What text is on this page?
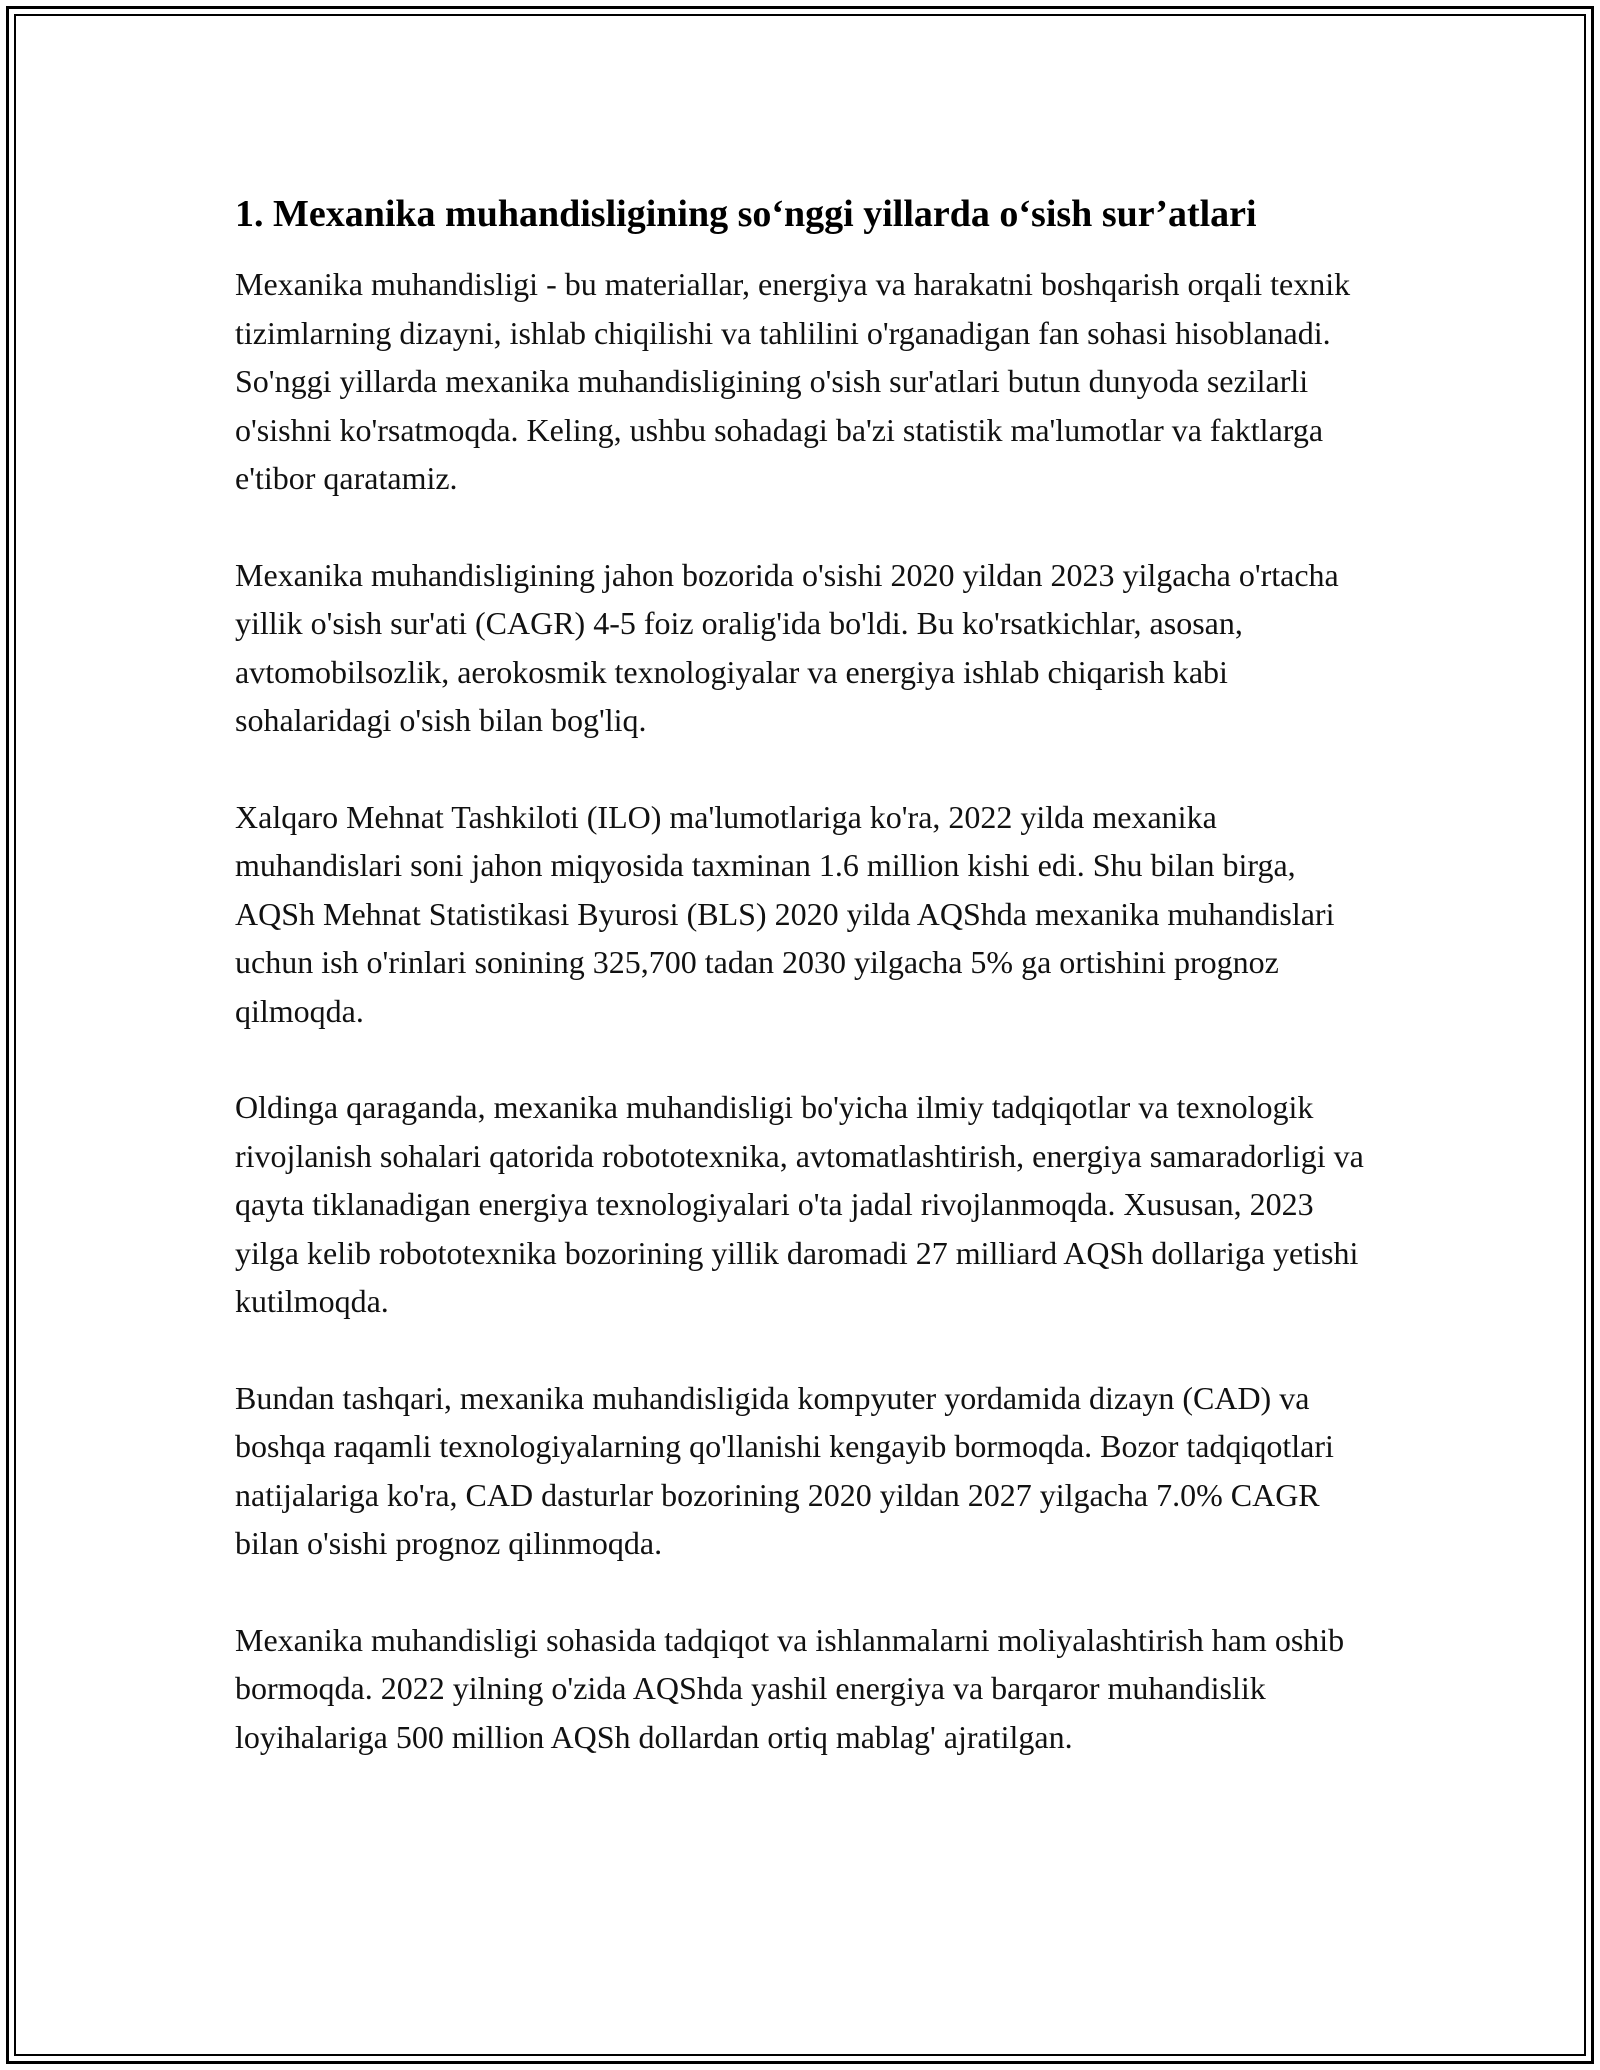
1. Mexanika muhandisligining so‘nggi yillarda o‘sish sur’atlari

Mexanika muhandisligi - bu materiallar, energiya va harakatni boshqarish orqali texnik tizimlarning dizayni, ishlab chiqilishi va tahlilini o'rganadigan fan sohasi hisoblanadi. So'nggi yillarda mexanika muhandisligining o'sish sur'atlari butun dunyoda sezilarli o'sishni ko'rsatmoqda. Keling, ushbu sohadagi ba'zi statistik ma'lumotlar va faktlarga e'tibor qaratamiz.

Mexanika muhandisligining jahon bozorida o'sishi 2020 yildan 2023 yilgacha o'rtacha yillik o'sish sur'ati (CAGR) 4-5 foiz oralig'ida bo'ldi. Bu ko'rsatkichlar, asosan, avtomobilsozlik, aerokosmik texnologiyalar va energiya ishlab chiqarish kabi sohalaridagi o'sish bilan bog'liq.

Xalqaro Mehnat Tashkiloti (ILO) ma'lumotlariga ko'ra, 2022 yilda mexanika muhandislari soni jahon miqyosida taxminan 1.6 million kishi edi. Shu bilan birga, AQSh Mehnat Statistikasi Byurosi (BLS) 2020 yilda AQShda mexanika muhandislari uchun ish o'rinlari sonining 325,700 tadan 2030 yilgacha 5% ga ortishini prognoz qilmoqda.

Oldinga qaraganda, mexanika muhandisligi bo'yicha ilmiy tadqiqotlar va texnologik rivojlanish sohalari qatorida robototexnika, avtomatlashtirish, energiya samaradorligi va qayta tiklanadigan energiya texnologiyalari o'ta jadal rivojlanmoqda. Xususan, 2023 yilga kelib robototexnika bozorining yillik daromadi 27 milliard AQSh dollariga yetishi kutilmoqda.

Bundan tashqari, mexanika muhandisligida kompyuter yordamida dizayn (CAD) va boshqa raqamli texnologiyalarning qo'llanishi kengayib bormoqda. Bozor tadqiqotlari natijalariga ko'ra, CAD dasturlar bozorining 2020 yildan 2027 yilgacha 7.0% CAGR bilan o'sishi prognoz qilinmoqda.

Mexanika muhandisligi sohasida tadqiqot va ishlanmalarni moliyalashtirish ham oshib bormoqda. 2022 yilning o'zida AQShda yashil energiya va barqaror muhandislik loyihalariga 500 million AQSh dollardan ortiq mablag' ajratilgan.
